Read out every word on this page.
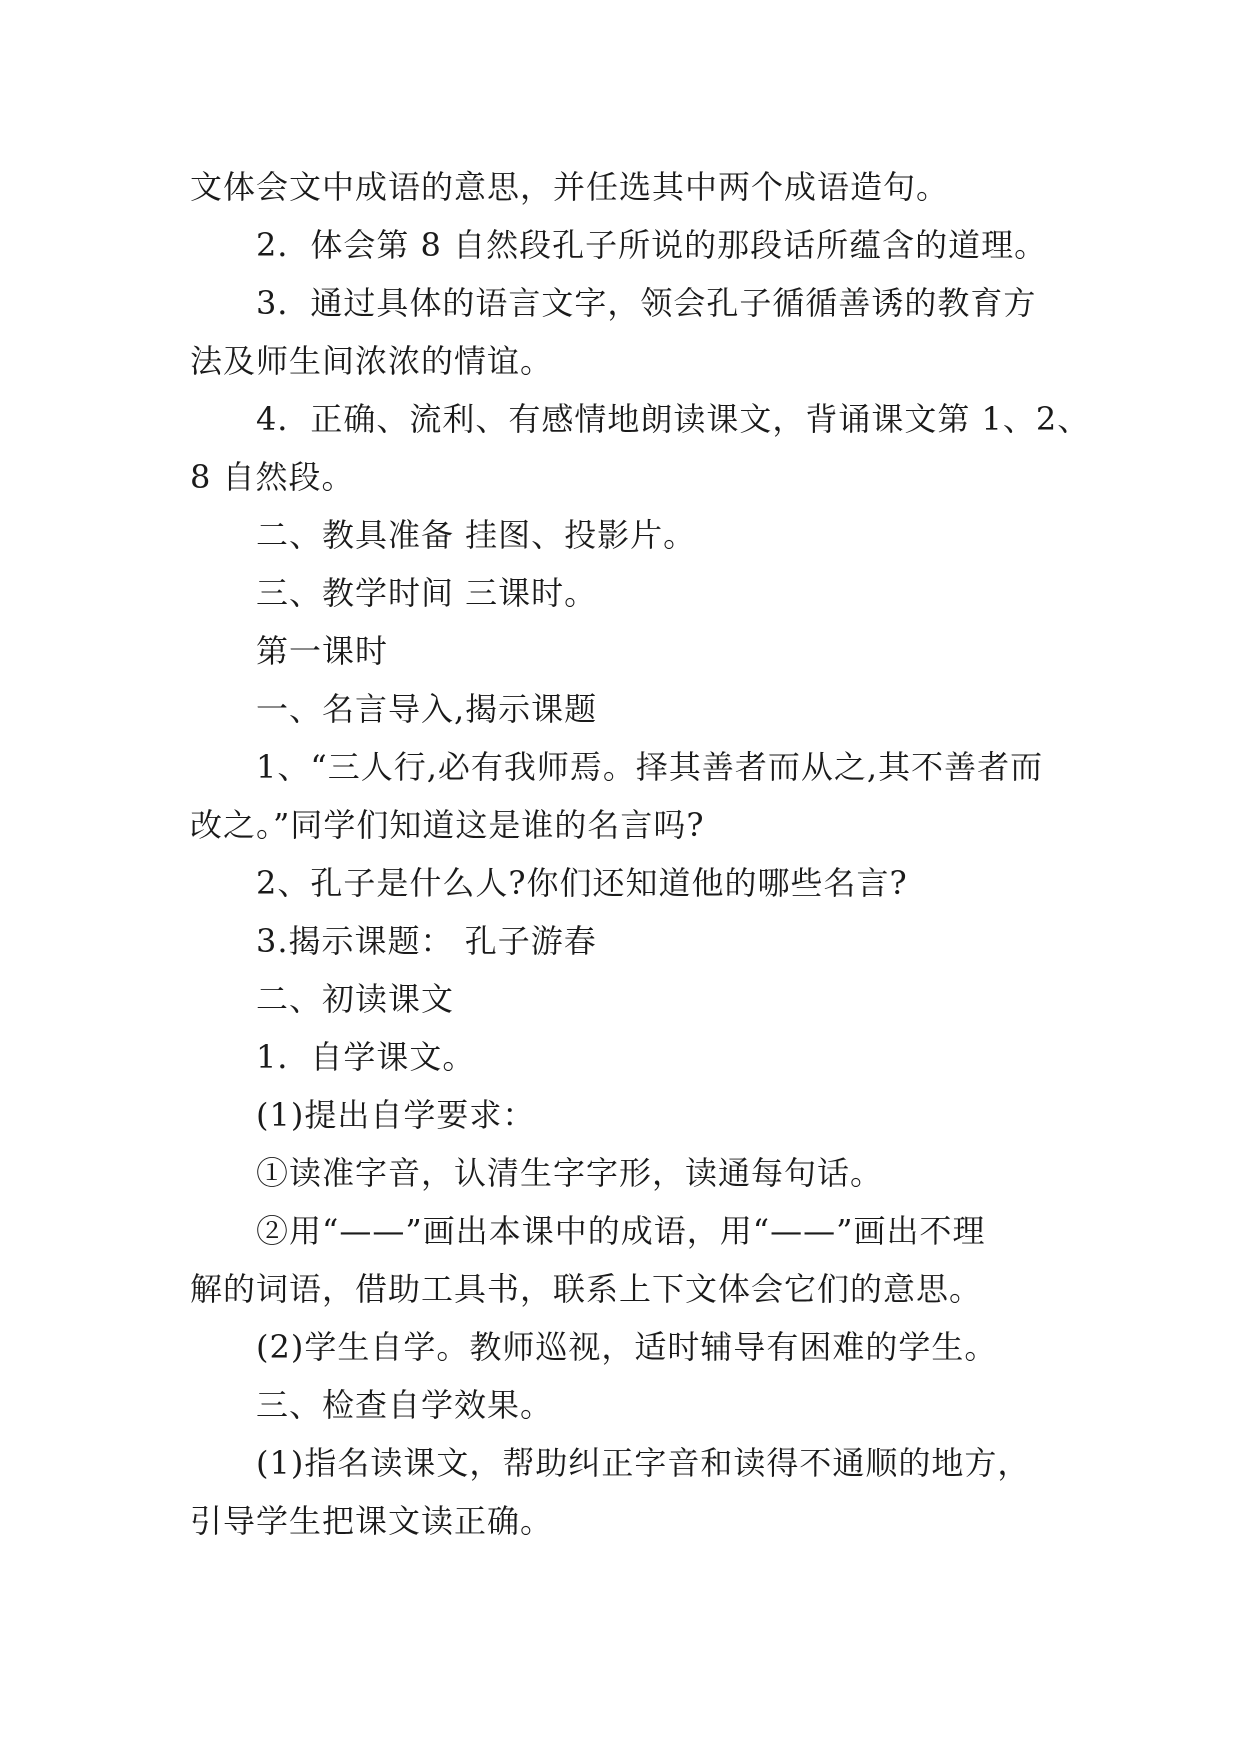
文体会文中成语的意思，并任选其中两个成语造句。
2．体会第 8 自然段孔子所说的那段话所蕴含的道理。
3．通过具体的语言文字，领会孔子循循善诱的教育方
法及师生间浓浓的情谊。
4．正确、流利、有感情地朗读课文，背诵课文第 1、2、
8 自然段。
二、教具准备 挂图、投影片。
三、教学时间 三课时。
第一课时
一、名言导入,揭示课题
1、“三人行,必有我师焉。择其善者而从之,其不善者而
改之。”同学们知道这是谁的名言吗?
2、孔子是什么人?你们还知道他的哪些名言?
3.揭示课题： 孔子游春
二、初读课文
1．自学课文。
(1)提出自学要求：
①读准字音，认清生字字形，读通每句话。
②用“——”画出本课中的成语，用“——”画出不理
解的词语，借助工具书，联系上下文体会它们的意思。
(2)学生自学。教师巡视，适时辅导有困难的学生。
三、检查自学效果。
(1)指名读课文，帮助纠正字音和读得不通顺的地方，
引导学生把课文读正确。
